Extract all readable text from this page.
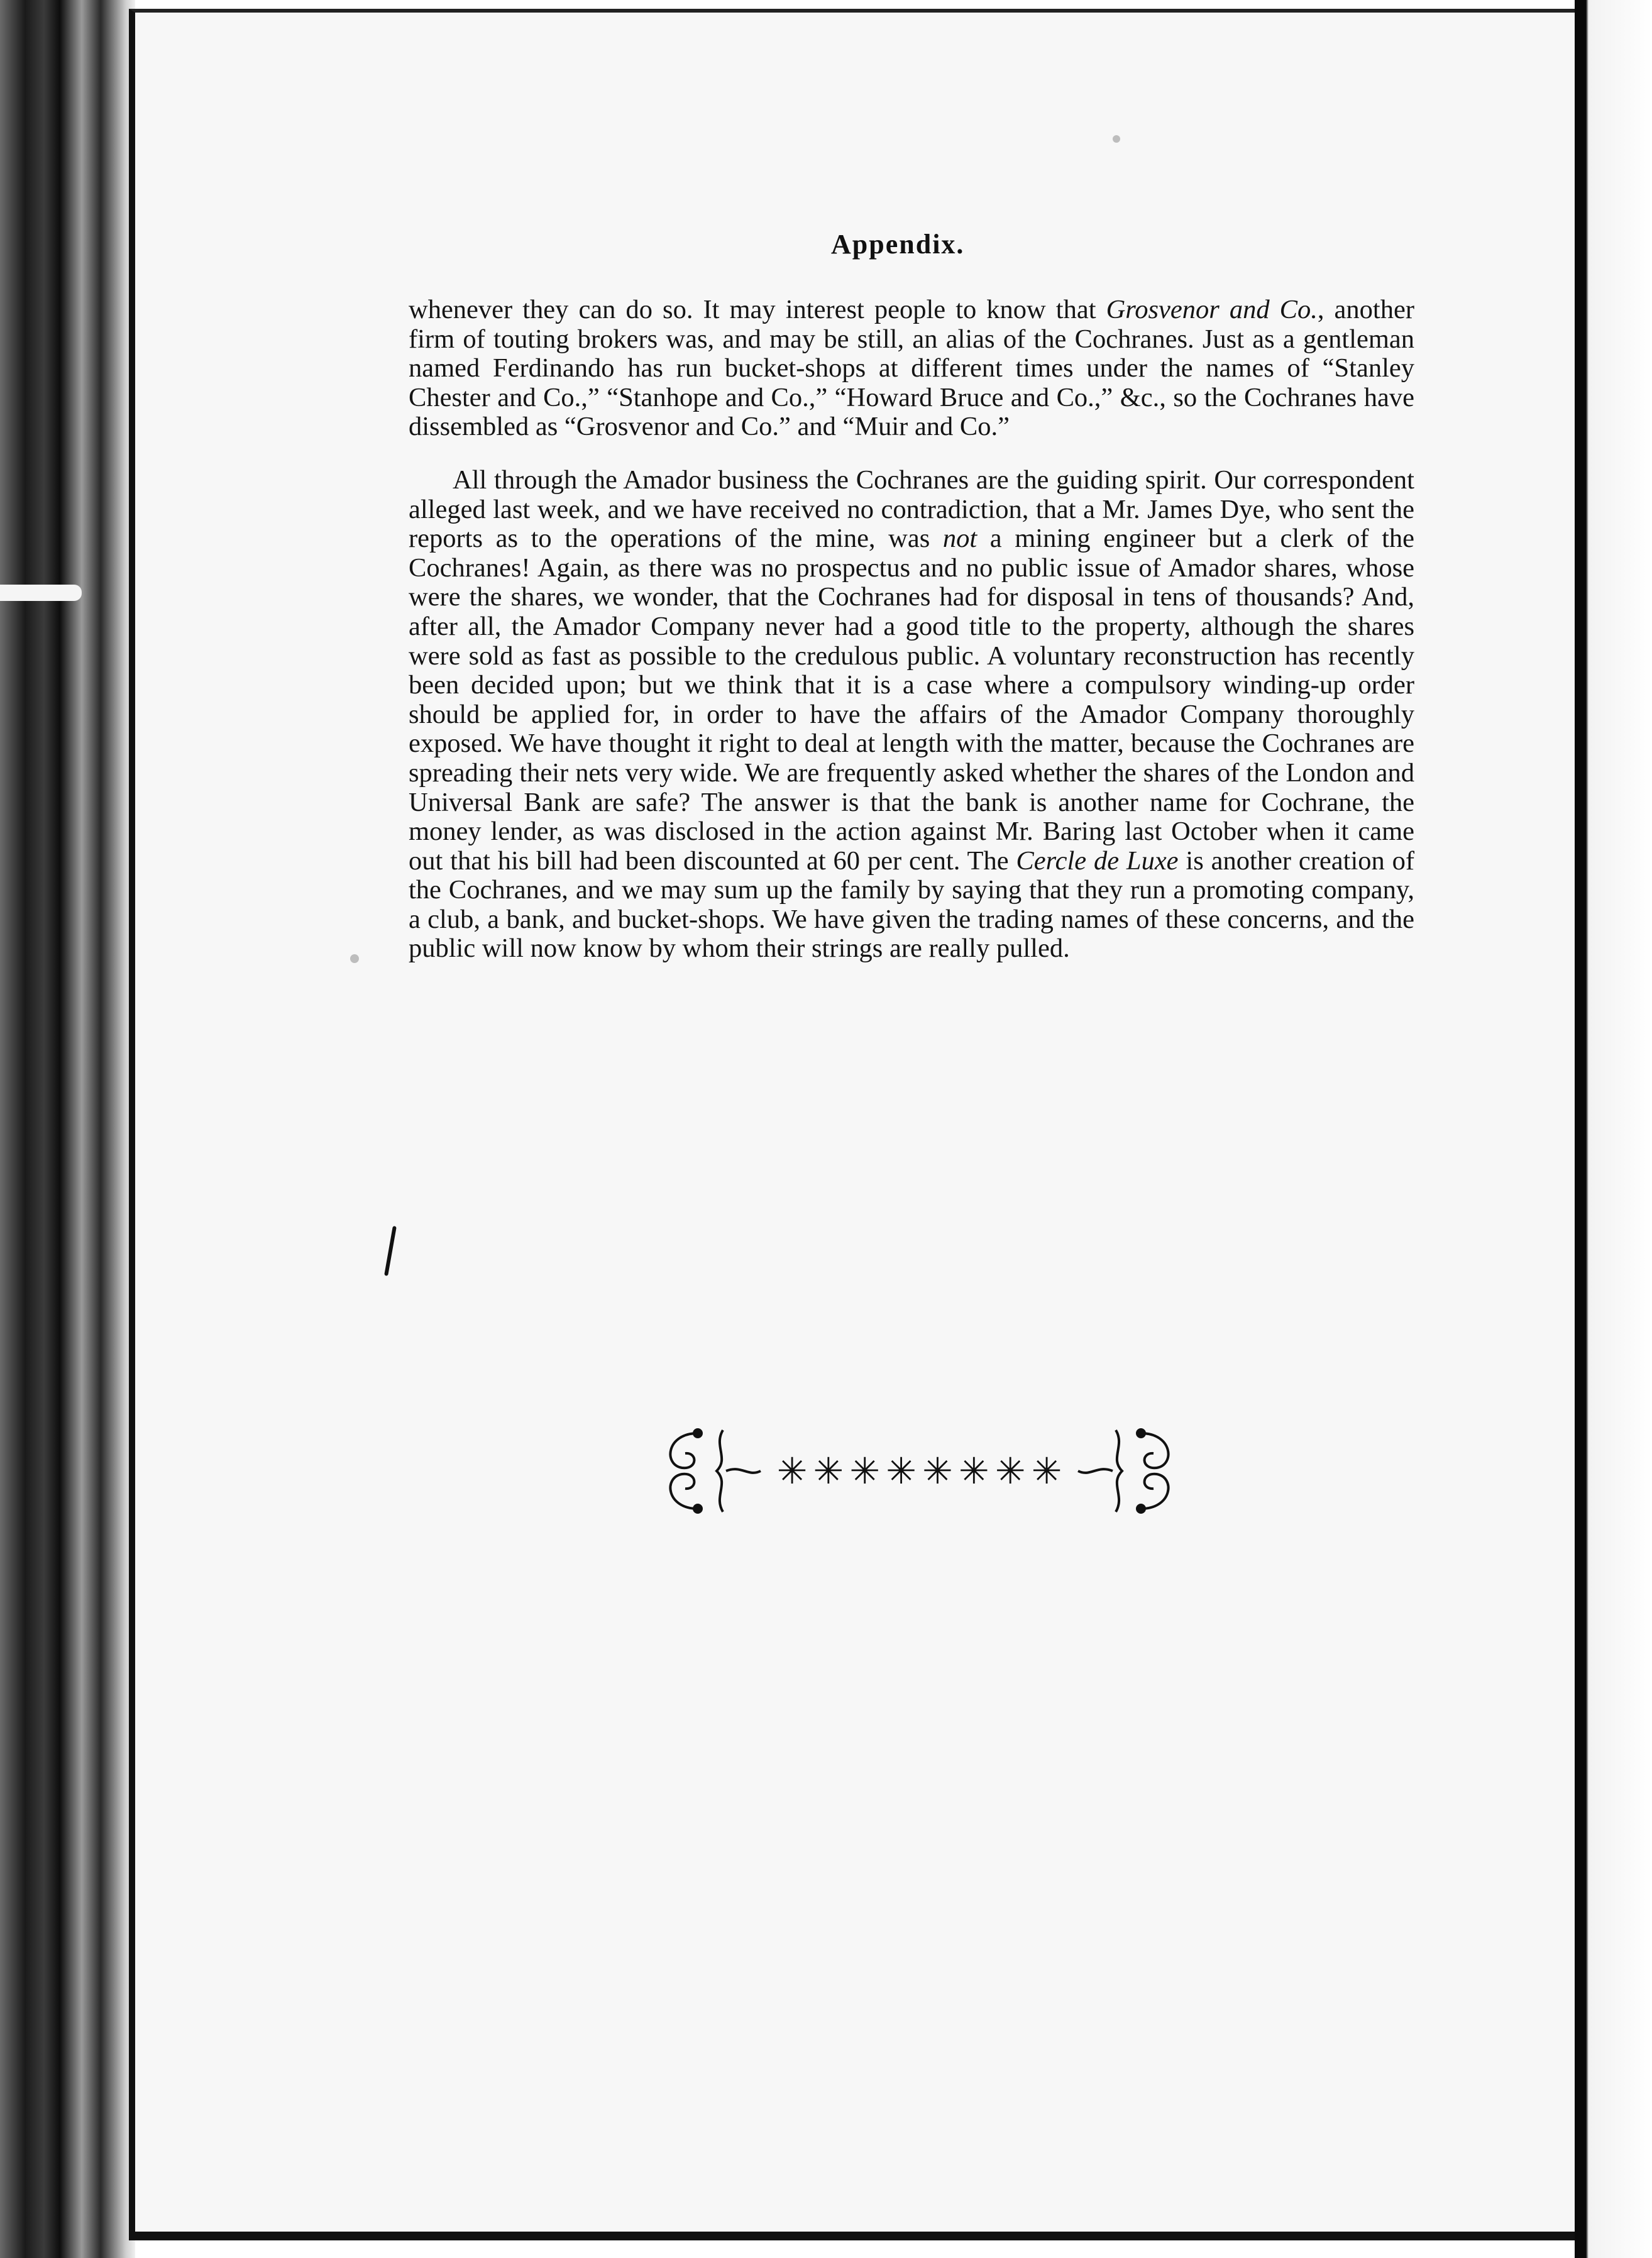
Appendix.

whenever they can do so. It may interest people to know that Grosvenor and Co., another firm of touting brokers was, and may be still, an alias of the Cochranes. Just as a gentleman named Ferdinando has run bucket-shops at different times under the names of “Stanley Chester and Co.,” “Stanhope and Co.,” “Howard Bruce and Co.,” &c., so the Cochranes have dissembled as “Grosvenor and Co.” and “Muir and Co.”

All through the Amador business the Cochranes are the guiding spirit. Our correspondent alleged last week, and we have received no contradiction, that a Mr. James Dye, who sent the reports as to the operations of the mine, was not a mining engineer but a clerk of the Cochranes! Again, as there was no prospectus and no public issue of Amador shares, whose were the shares, we wonder, that the Cochranes had for disposal in tens of thousands? And, after all, the Amador Company never had a good title to the property, although the shares were sold as fast as possible to the credulous public. A voluntary reconstruction has recently been decided upon; but we think that it is a case where a compulsory winding-up order should be applied for, in order to have the affairs of the Amador Company thoroughly exposed. We have thought it right to deal at length with the matter, because the Cochranes are spreading their nets very wide. We are frequently asked whether the shares of the London and Universal Bank are safe? The answer is that the bank is another name for Cochrane, the money lender, as was disclosed in the action against Mr. Baring last October when it came out that his bill had been discounted at 60 per cent. The Cercle de Luxe is another creation of the Cochranes, and we may sum up the family by saying that they run a promoting company, a club, a bank, and bucket-shops. We have given the trading names of these concerns, and the public will now know by whom their strings are really pulled.

✳ ✳ ✳ ✳ ✳ ✳ ✳ ✳
